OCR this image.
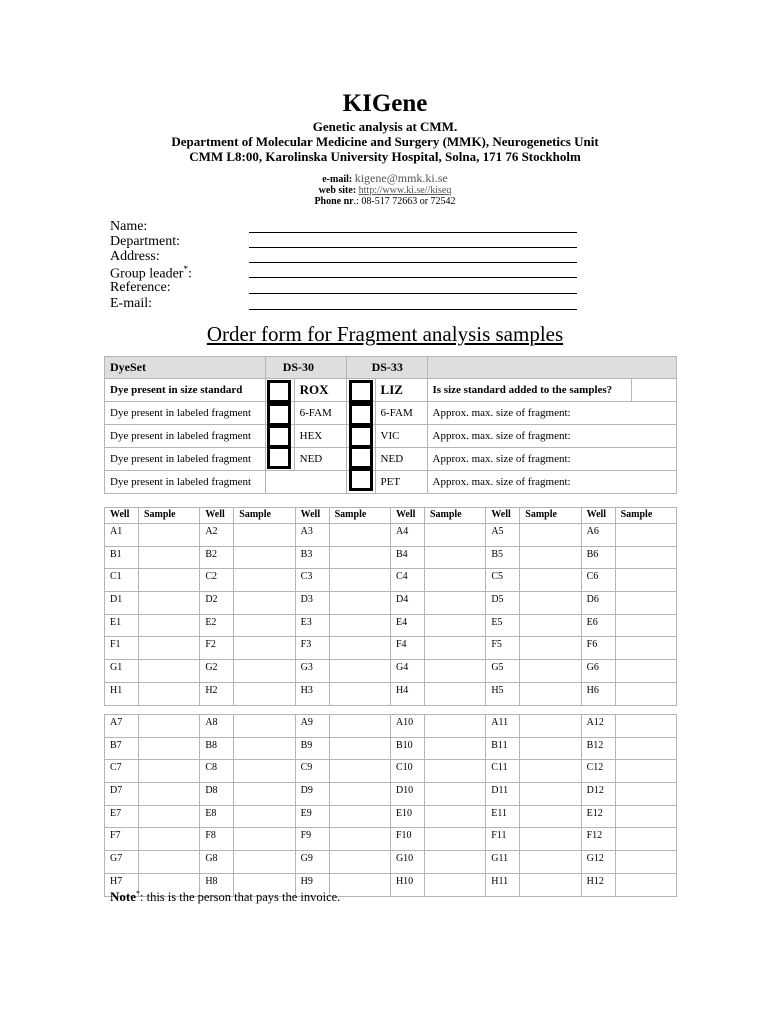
KIGene
Genetic analysis at CMM.
Department of Molecular Medicine and Surgery (MMK), Neurogenetics Unit
CMM L8:00, Karolinska University Hospital, Solna, 171 76 Stockholm
e-mail: kigene@mmk.ki.se
web site: http://www.ki.se//kiseq
Phone nr.: 08-517 72663 or 72542
Name:
Department:
Address:
Group leader*:
Reference:
E-mail:
Order form for Fragment analysis samples
DyeSet	DS-30		DS-33			
Dye present in size standard		ROX		LIZ	Is size standard added to the samples?	
Dye present in labeled fragment		6-FAM		6-FAM	Approx. max. size of fragment:	
Dye present in labeled fragment		HEX		VIC	Approx. max. size of fragment:	
Dye present in labeled fragment		NED		NED	Approx. max. size of fragment:	
Dye present in labeled fragment				PET	Approx. max. size of fragment:	
Well	Sample	Well	Sample	Well	Sample	Well	Sample	Well	Sample	Well	Sample
A1		A2		A3		A4		A5		A6	
B1		B2		B3		B4		B5		B6	
C1		C2		C3		C4		C5		C6	
D1		D2		D3		D4		D5		D6	
E1		E2		E3		E4		E5		E6	
F1		F2		F3		F4		F5		F6	
G1		G2		G3		G4		G5		G6	
H1		H2		H3		H4		H5		H6	
A7		A8		A9		A10		A11		A12	
B7		B8		B9		B10		B11		B12	
C7		C8		C9		C10		C11		C12	
D7		D8		D9		D10		D11		D12	
E7		E8		E9		E10		E11		E12	
F7		F8		F9		F10		F11		F12	
G7		G8		G9		G10		G11		G12	
H7		H8		H9		H10		H11		H12	
Note*: this is the person that pays the invoice.
